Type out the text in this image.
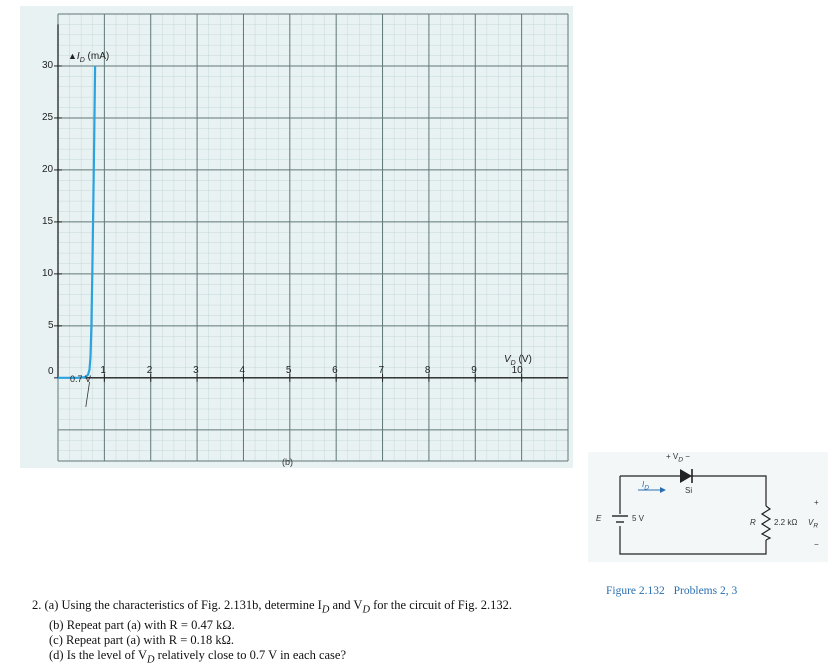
1	2	3	4	5	6	7	8	9	10
0
5
10
15
20
25
30
$▲I_D$ (mA)
$V_D$ (V)
0.7 V
(b)
+ $V_D$ −
$I_D$	Si
E	5 V	R 2.2 kΩ
+
$V_R$
−
Figure 2.132 Problems 2, 3
2. (a) Using the characteristics of Fig. 2.131b, determine $I_D$ and $V_D$ for the circuit of Fig. 2.132.
(b) Repeat part (a) with R = 0.47 kΩ.
(c) Repeat part (a) with R = 0.18 kΩ.
(d) Is the level of $V_D$ relatively close to 0.7 V in each case?
